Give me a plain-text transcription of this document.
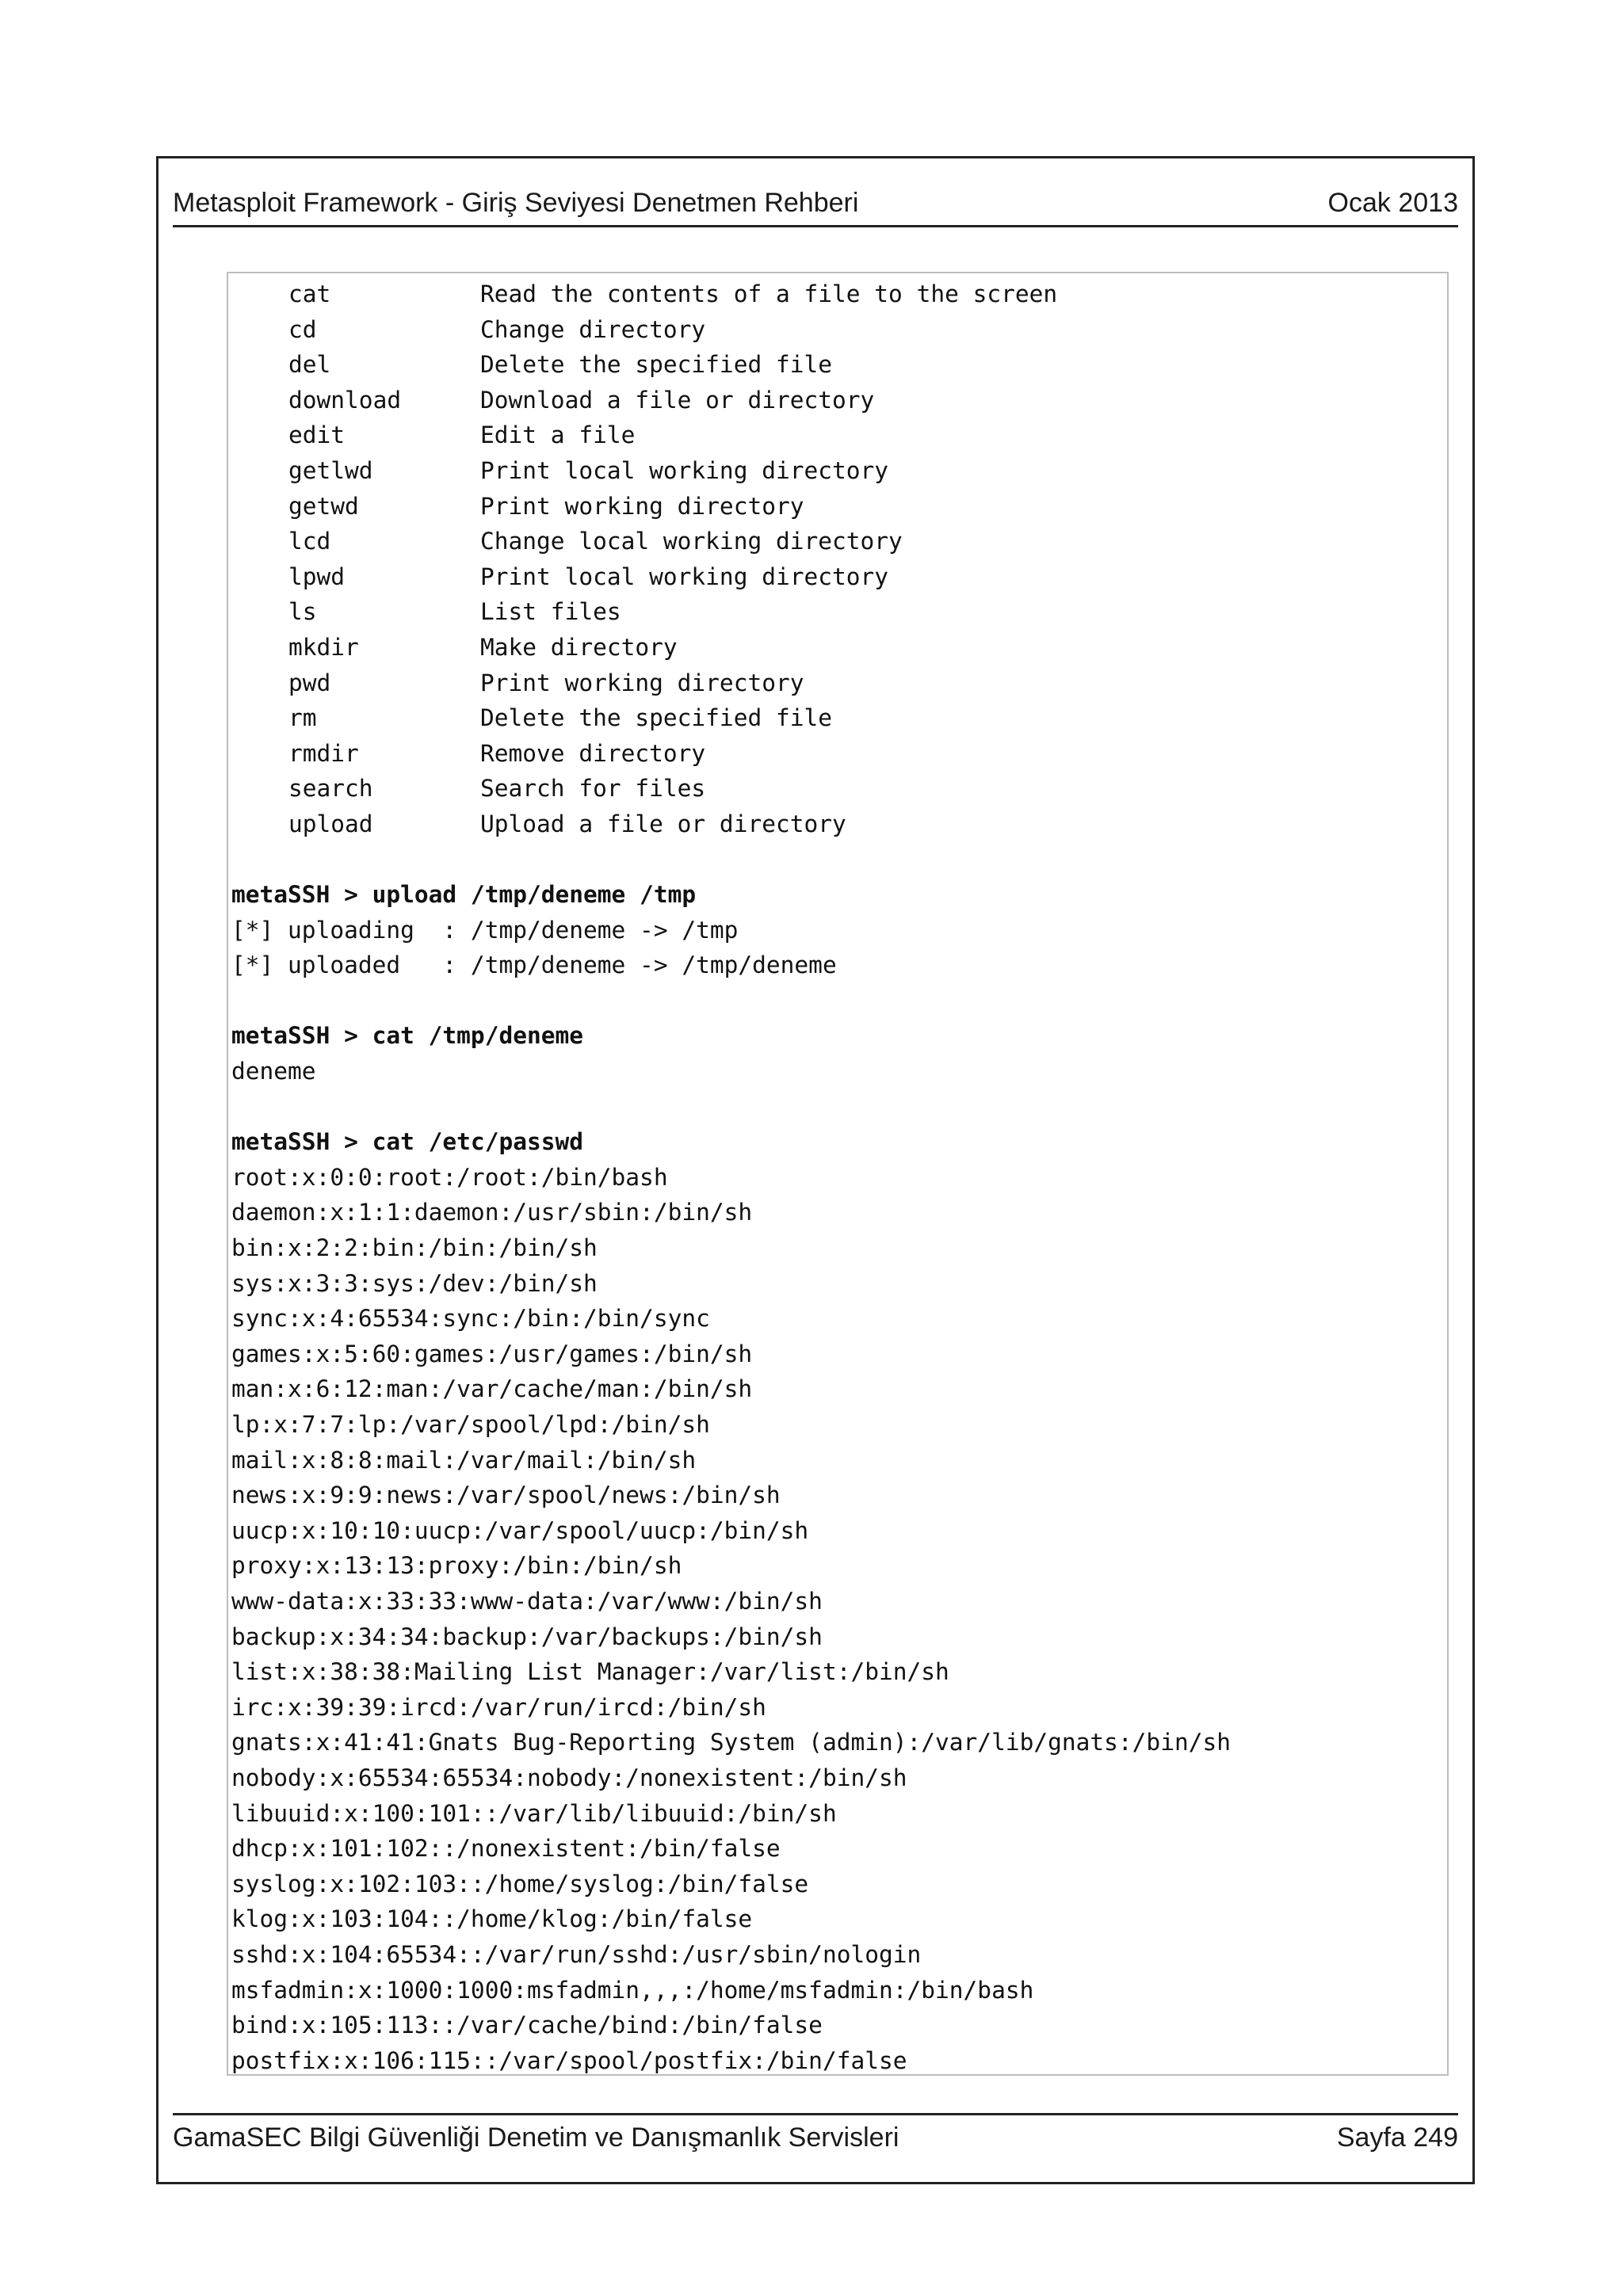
Metasploit Framework - Giriş Seviyesi Denetmen Rehberi	Ocak 2013
cat	Read the contents of a file to the screen
cd	Change directory
del	Delete the specified file
download	Download a file or directory
edit	Edit a file
getlwd	Print local working directory
getwd	Print working directory
lcd	Change local working directory
lpwd	Print local working directory
ls	List files
mkdir	Make directory
pwd	Print working directory
rm	Delete the specified file
rmdir	Remove directory
search	Search for files
upload	Upload a file or directory
metaSSH > upload /tmp/deneme /tmp
[*] uploading  : /tmp/deneme -> /tmp
[*] uploaded   : /tmp/deneme -> /tmp/deneme
metaSSH > cat /tmp/deneme
deneme
metaSSH > cat /etc/passwd
root:x:0:0:root:/root:/bin/bash
daemon:x:1:1:daemon:/usr/sbin:/bin/sh
bin:x:2:2:bin:/bin:/bin/sh
sys:x:3:3:sys:/dev:/bin/sh
sync:x:4:65534:sync:/bin:/bin/sync
games:x:5:60:games:/usr/games:/bin/sh
man:x:6:12:man:/var/cache/man:/bin/sh
lp:x:7:7:lp:/var/spool/lpd:/bin/sh
mail:x:8:8:mail:/var/mail:/bin/sh
news:x:9:9:news:/var/spool/news:/bin/sh
uucp:x:10:10:uucp:/var/spool/uucp:/bin/sh
proxy:x:13:13:proxy:/bin:/bin/sh
www-data:x:33:33:www-data:/var/www:/bin/sh
backup:x:34:34:backup:/var/backups:/bin/sh
list:x:38:38:Mailing List Manager:/var/list:/bin/sh
irc:x:39:39:ircd:/var/run/ircd:/bin/sh
gnats:x:41:41:Gnats Bug-Reporting System (admin):/var/lib/gnats:/bin/sh
nobody:x:65534:65534:nobody:/nonexistent:/bin/sh
libuuid:x:100:101::/var/lib/libuuid:/bin/sh
dhcp:x:101:102::/nonexistent:/bin/false
syslog:x:102:103::/home/syslog:/bin/false
klog:x:103:104::/home/klog:/bin/false
sshd:x:104:65534::/var/run/sshd:/usr/sbin/nologin
msfadmin:x:1000:1000:msfadmin,,,:/home/msfadmin:/bin/bash
bind:x:105:113::/var/cache/bind:/bin/false
postfix:x:106:115::/var/spool/postfix:/bin/false
GamaSEC Bilgi Güvenliği Denetim ve Danışmanlık Servisleri	Sayfa 249
